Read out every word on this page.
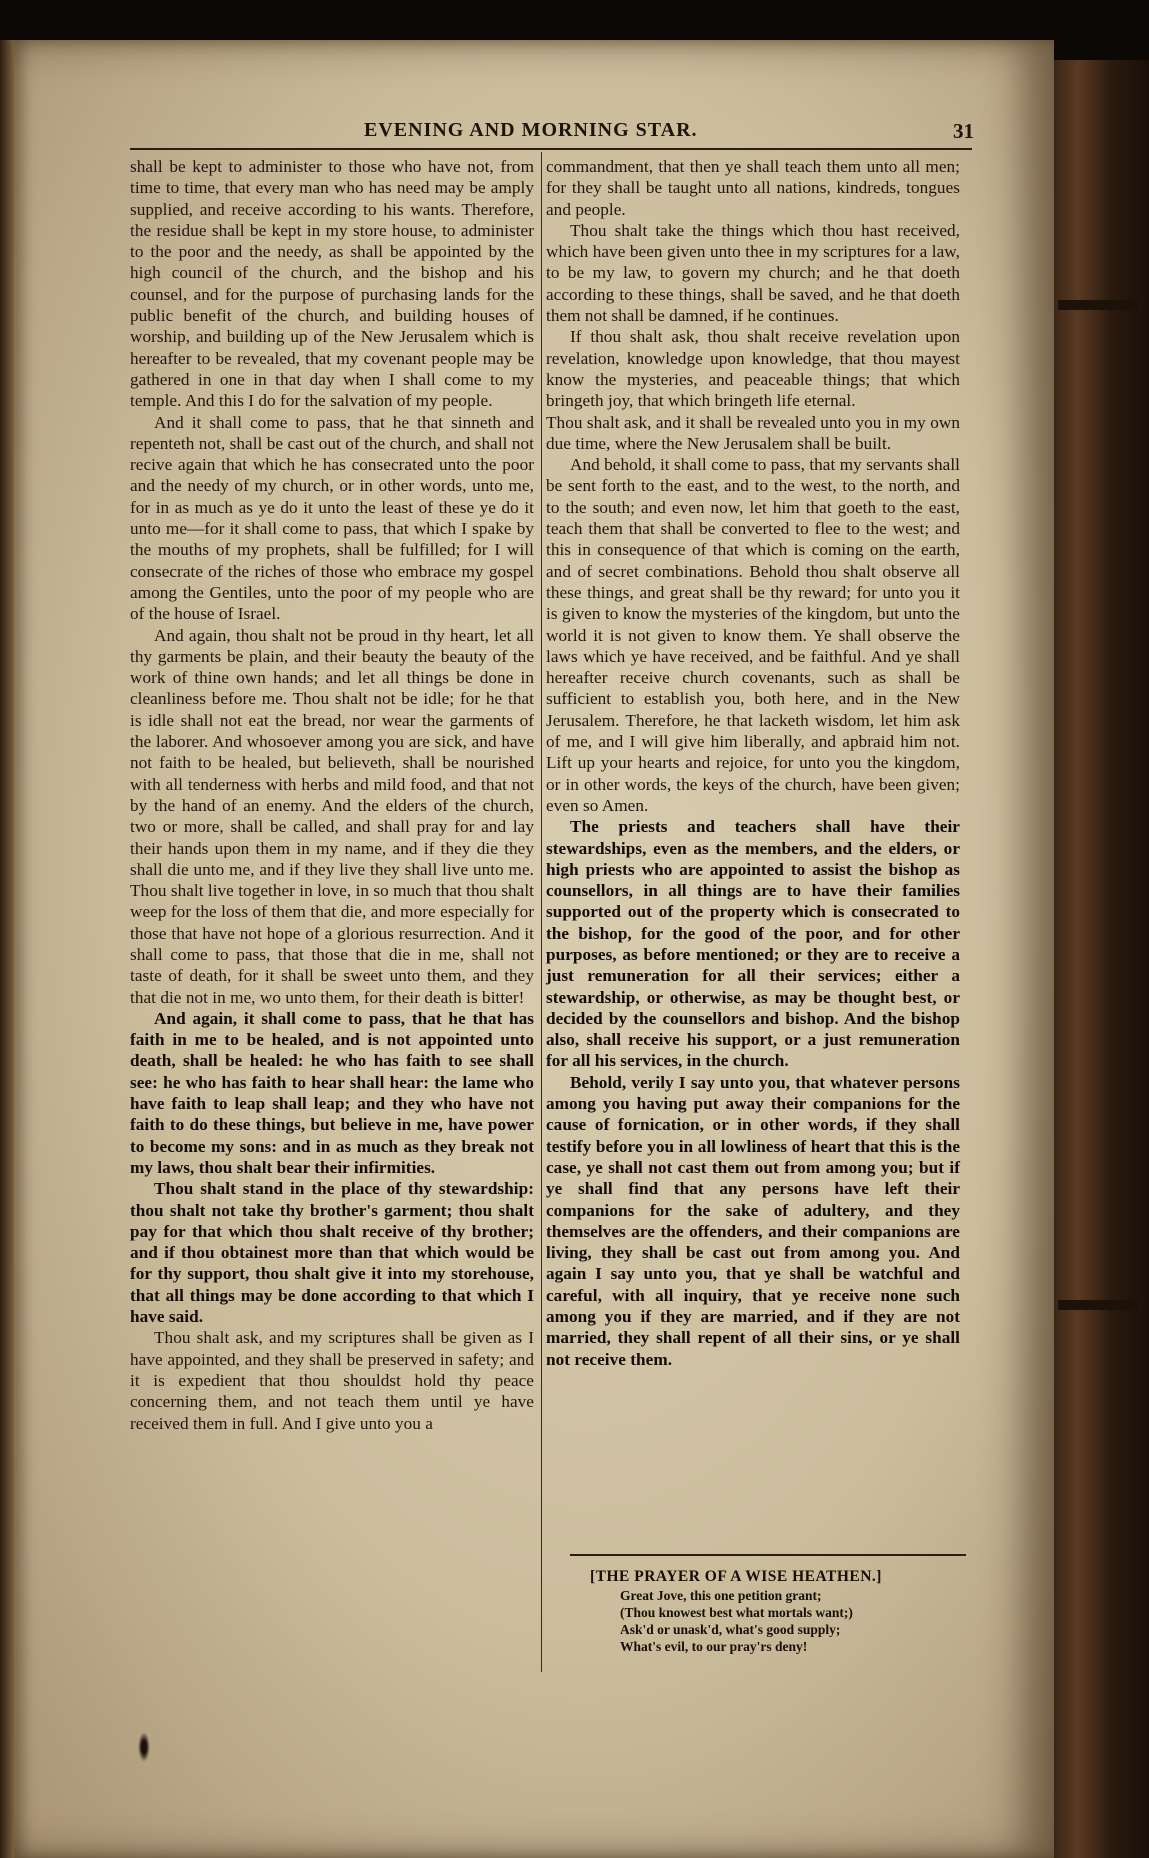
EVENING AND MORNING STAR.	31

shall be kept to administer to those who have not, from time to time, that every man who has need may be amply supplied, and receive according to his wants. Therefore, the residue shall be kept in my store house, to administer to the poor and the needy, as shall be appointed by the high council of the church, and the bishop and his counsel, and for the purpose of purchasing lands for the public benefit of the church, and building houses of worship, and building up of the New Jerusalem which is hereafter to be revealed, that my covenant people may be gathered in one in that day when I shall come to my temple. And this I do for the salvation of my people.

And it shall come to pass, that he that sinneth and repenteth not, shall be cast out of the church, and shall not recive again that which he has consecrated unto the poor and the needy of my church, or in other words, unto me, for in as much as ye do it unto the least of these ye do it unto me—for it shall come to pass, that which I spake by the mouths of my prophets, shall be fulfilled; for I will consecrate of the riches of those who embrace my gospel among the Gentiles, unto the poor of my people who are of the house of Israel.

And again, thou shalt not be proud in thy heart, let all thy garments be plain, and their beauty the beauty of the work of thine own hands; and let all things be done in cleanliness before me. Thou shalt not be idle; for he that is idle shall not eat the bread, nor wear the garments of the laborer. And whosoever among you are sick, and have not faith to be healed, but believeth, shall be nourished with all tenderness with herbs and mild food, and that not by the hand of an enemy. And the elders of the church, two or more, shall be called, and shall pray for and lay their hands upon them in my name, and if they die they shall die unto me, and if they live they shall live unto me. Thou shalt live together in love, in so much that thou shalt weep for the loss of them that die, and more especially for those that have not hope of a glorious resurrection. And it shall come to pass, that those that die in me, shall not taste of death, for it shall be sweet unto them, and they that die not in me, wo unto them, for their death is bitter!

And again, it shall come to pass, that he that has faith in me to be healed, and is not appointed unto death, shall be healed: he who has faith to see shall see: he who has faith to hear shall hear: the lame who have faith to leap shall leap; and they who have not faith to do these things, but believe in me, have power to become my sons: and in as much as they break not my laws, thou shalt bear their infirmities.

Thou shalt stand in the place of thy stewardship: thou shalt not take thy brother's garment; thou shalt pay for that which thou shalt receive of thy brother; and if thou obtainest more than that which would be for thy support, thou shalt give it into my storehouse, that all things may be done according to that which I have said.

Thou shalt ask, and my scriptures shall be given as I have appointed, and they shall be preserved in safety; and it is expedient that thou shouldst hold thy peace concerning them, and not teach them until ye have received them in full. And I give unto you a

commandment, that then ye shall teach them unto all men; for they shall be taught unto all nations, kindreds, tongues and people.

Thou shalt take the things which thou hast received, which have been given unto thee in my scriptures for a law, to be my law, to govern my church; and he that doeth according to these things, shall be saved, and he that doeth them not shall be damned, if he continues.

If thou shalt ask, thou shalt receive revelation upon revelation, knowledge upon knowledge, that thou mayest know the mysteries, and peaceable things; that which bringeth joy, that which bringeth life eternal.

Thou shalt ask, and it shall be revealed unto you in my own due time, where the New Jerusalem shall be built.

And behold, it shall come to pass, that my servants shall be sent forth to the east, and to the west, to the north, and to the south; and even now, let him that goeth to the east, teach them that shall be converted to flee to the west; and this in consequence of that which is coming on the earth, and of secret combinations. Behold thou shalt observe all these things, and great shall be thy reward; for unto you it is given to know the mysteries of the kingdom, but unto the world it is not given to know them. Ye shall observe the laws which ye have received, and be faithful. And ye shall hereafter receive church covenants, such as shall be sufficient to establish you, both here, and in the New Jerusalem. Therefore, he that lacketh wisdom, let him ask of me, and I will give him liberally, and apbraid him not. Lift up your hearts and rejoice, for unto you the kingdom, or in other words, the keys of the church, have been given; even so Amen.

The priests and teachers shall have their stewardships, even as the members, and the elders, or high priests who are appointed to assist the bishop as counsellors, in all things are to have their families supported out of the property which is consecrated to the bishop, for the good of the poor, and for other purposes, as before mentioned; or they are to receive a just remuneration for all their services; either a stewardship, or otherwise, as may be thought best, or decided by the counsellors and bishop. And the bishop also, shall receive his support, or a just remuneration for all his services, in the church.

Behold, verily I say unto you, that whatever persons among you having put away their companions for the cause of fornication, or in other words, if they shall testify before you in all lowliness of heart that this is the case, ye shall not cast them out from among you; but if ye shall find that any persons have left their companions for the sake of adultery, and they themselves are the offenders, and their companions are living, they shall be cast out from among you. And again I say unto you, that ye shall be watchful and careful, with all inquiry, that ye receive none such among you if they are married, and if they are not married, they shall repent of all their sins, or ye shall not receive them.

[THE PRAYER OF A WISE HEATHEN.]
Great Jove, this one petition grant;
(Thou knowest best what mortals want;)
Ask'd or unask'd, what's good supply;
What's evil, to our pray'rs deny!
